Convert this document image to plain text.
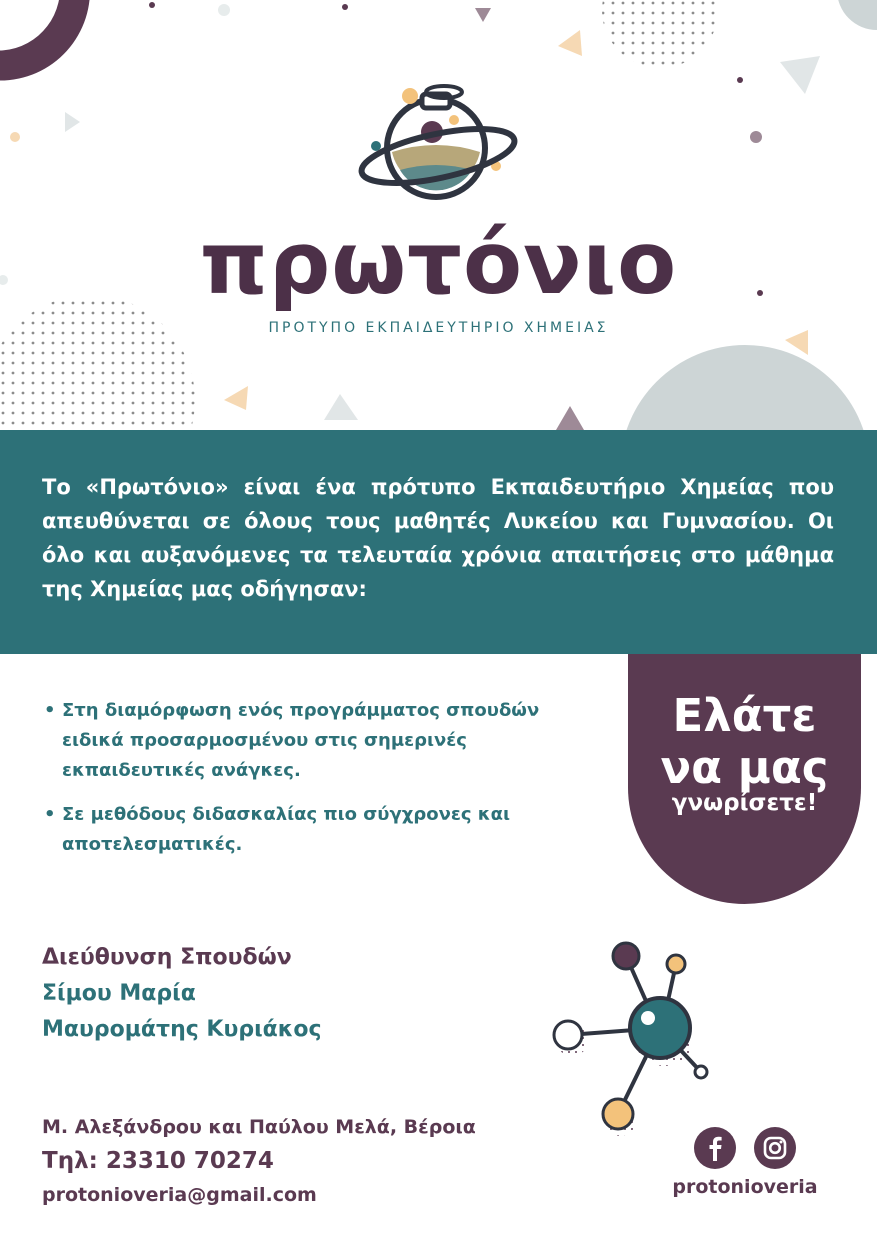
πρωτόνιο
ΠΡΟΤΥΠΟ ΕΚΠΑΙΔΕΥΤΗΡΙΟ ΧΗΜΕΙΑΣ
Το «Πρωτόνιο» είναι ένα πρότυπο Εκπαιδευτήριο Χημείας που απευθύνεται σε όλους τους μαθητές Λυκείου και Γυμνασίου. Οι όλο και αυξανόμενες τα τελευταία χρόνια απαιτήσεις στο μάθημα της Χημείας μας οδήγησαν:
• Στη διαμόρφωση ενός προγράμματος σπουδών ειδικά προσαρμοσμένου στις σημερινές εκπαιδευτικές ανάγκες.
• Σε μεθόδους διδασκαλίας πιο σύγχρονες και αποτελεσματικές.
Ελάτε
να μας
γνωρίσετε!
Διεύθυνση Σπουδών
Σίμου Μαρία
Μαυρομάτης Κυριάκος
Μ. Αλεξάνδρου και Παύλου Μελά, Βέροια
Τηλ: 23310 70274
protonioveria@gmail.com	protonioveria
